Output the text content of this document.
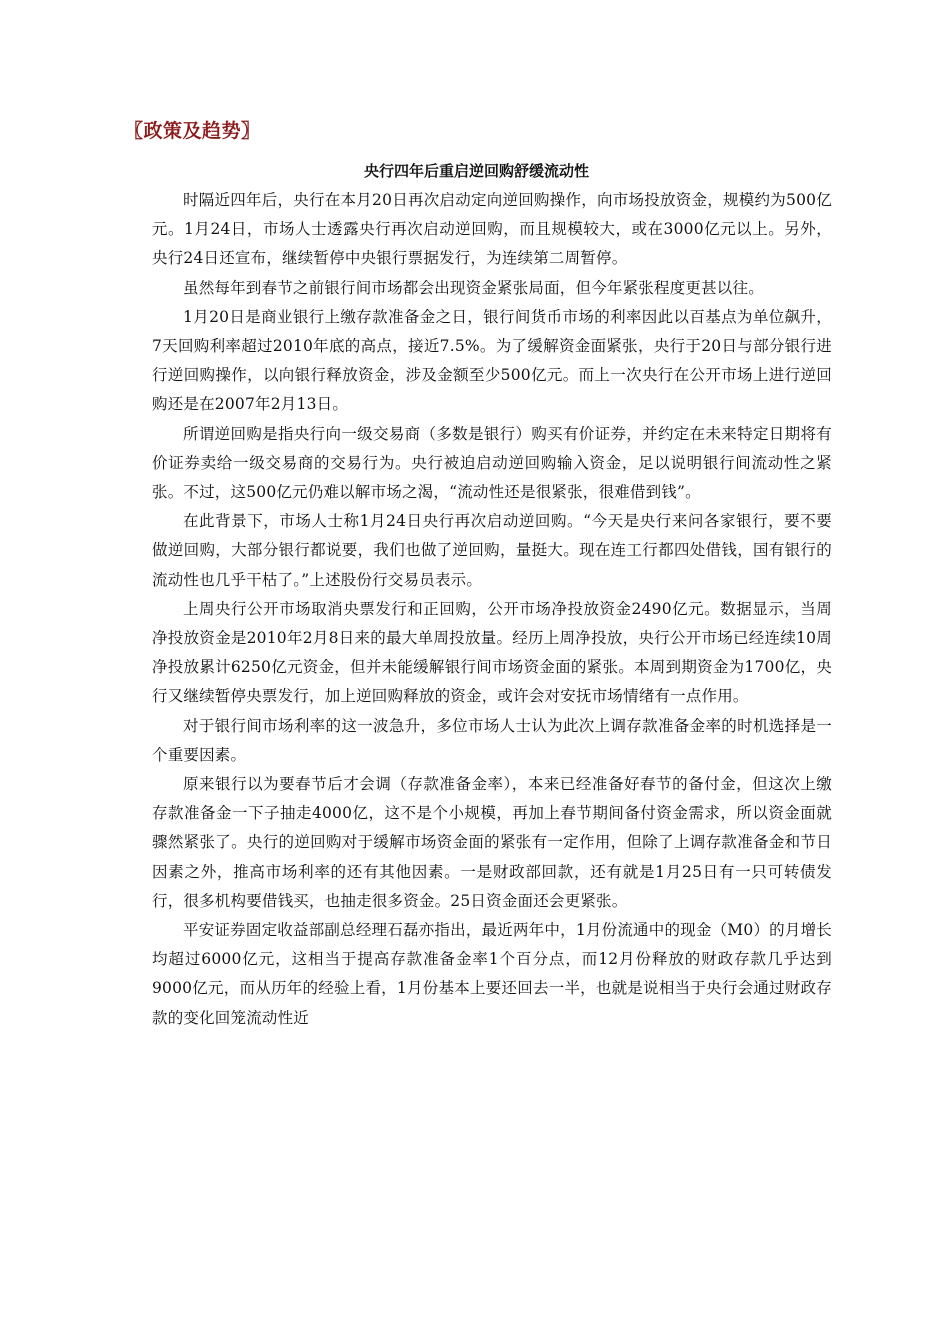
〖政策及趋势〗
央行四年后重启逆回购舒缓流动性

时隔近四年后，央行在本月20日再次启动定向逆回购操作，向市场投放资金，规模约为500亿元。1月24日，市场人士透露央行再次启动逆回购，而且规模较大，或在3000亿元以上。另外，央行24日还宣布，继续暂停中央银行票据发行，为连续第二周暂停。

虽然每年到春节之前银行间市场都会出现资金紧张局面，但今年紧张程度更甚以往。

1月20日是商业银行上缴存款准备金之日，银行间货币市场的利率因此以百基点为单位飙升，7天回购利率超过2010年底的高点，接近7.5%。为了缓解资金面紧张，央行于20日与部分银行进行逆回购操作，以向银行释放资金，涉及金额至少500亿元。而上一次央行在公开市场上进行逆回购还是在2007年2月13日。

所谓逆回购是指央行向一级交易商（多数是银行）购买有价证券，并约定在未来特定日期将有价证券卖给一级交易商的交易行为。央行被迫启动逆回购输入资金，足以说明银行间流动性之紧张。不过，这500亿元仍难以解市场之渴，“流动性还是很紧张，很难借到钱”。

在此背景下，市场人士称1月24日央行再次启动逆回购。“今天是央行来问各家银行，要不要做逆回购，大部分银行都说要，我们也做了逆回购，量挺大。现在连工行都四处借钱，国有银行的流动性也几乎干枯了。”上述股份行交易员表示。

上周央行公开市场取消央票发行和正回购，公开市场净投放资金2490亿元。数据显示，当周净投放资金是2010年2月8日来的最大单周投放量。经历上周净投放，央行公开市场已经连续10周净投放累计6250亿元资金，但并未能缓解银行间市场资金面的紧张。本周到期资金为1700亿，央行又继续暂停央票发行，加上逆回购释放的资金，或许会对安抚市场情绪有一点作用。

对于银行间市场利率的这一波急升，多位市场人士认为此次上调存款准备金率的时机选择是一个重要因素。

原来银行以为要春节后才会调（存款准备金率），本来已经准备好春节的备付金，但这次上缴存款准备金一下子抽走4000亿，这不是个小规模，再加上春节期间备付资金需求，所以资金面就骤然紧张了。央行的逆回购对于缓解市场资金面的紧张有一定作用，但除了上调存款准备金和节日因素之外，推高市场利率的还有其他因素。一是财政部回款，还有就是1月25日有一只可转债发行，很多机构要借钱买，也抽走很多资金。25日资金面还会更紧张。

平安证券固定收益部副总经理石磊亦指出，最近两年中，1月份流通中的现金（M0）的月增长均超过6000亿元，这相当于提高存款准备金率1个百分点，而12月份释放的财政存款几乎达到9000亿元，而从历年的经验上看，1月份基本上要还回去一半，也就是说相当于央行会通过财政存款的变化回笼流动性近
